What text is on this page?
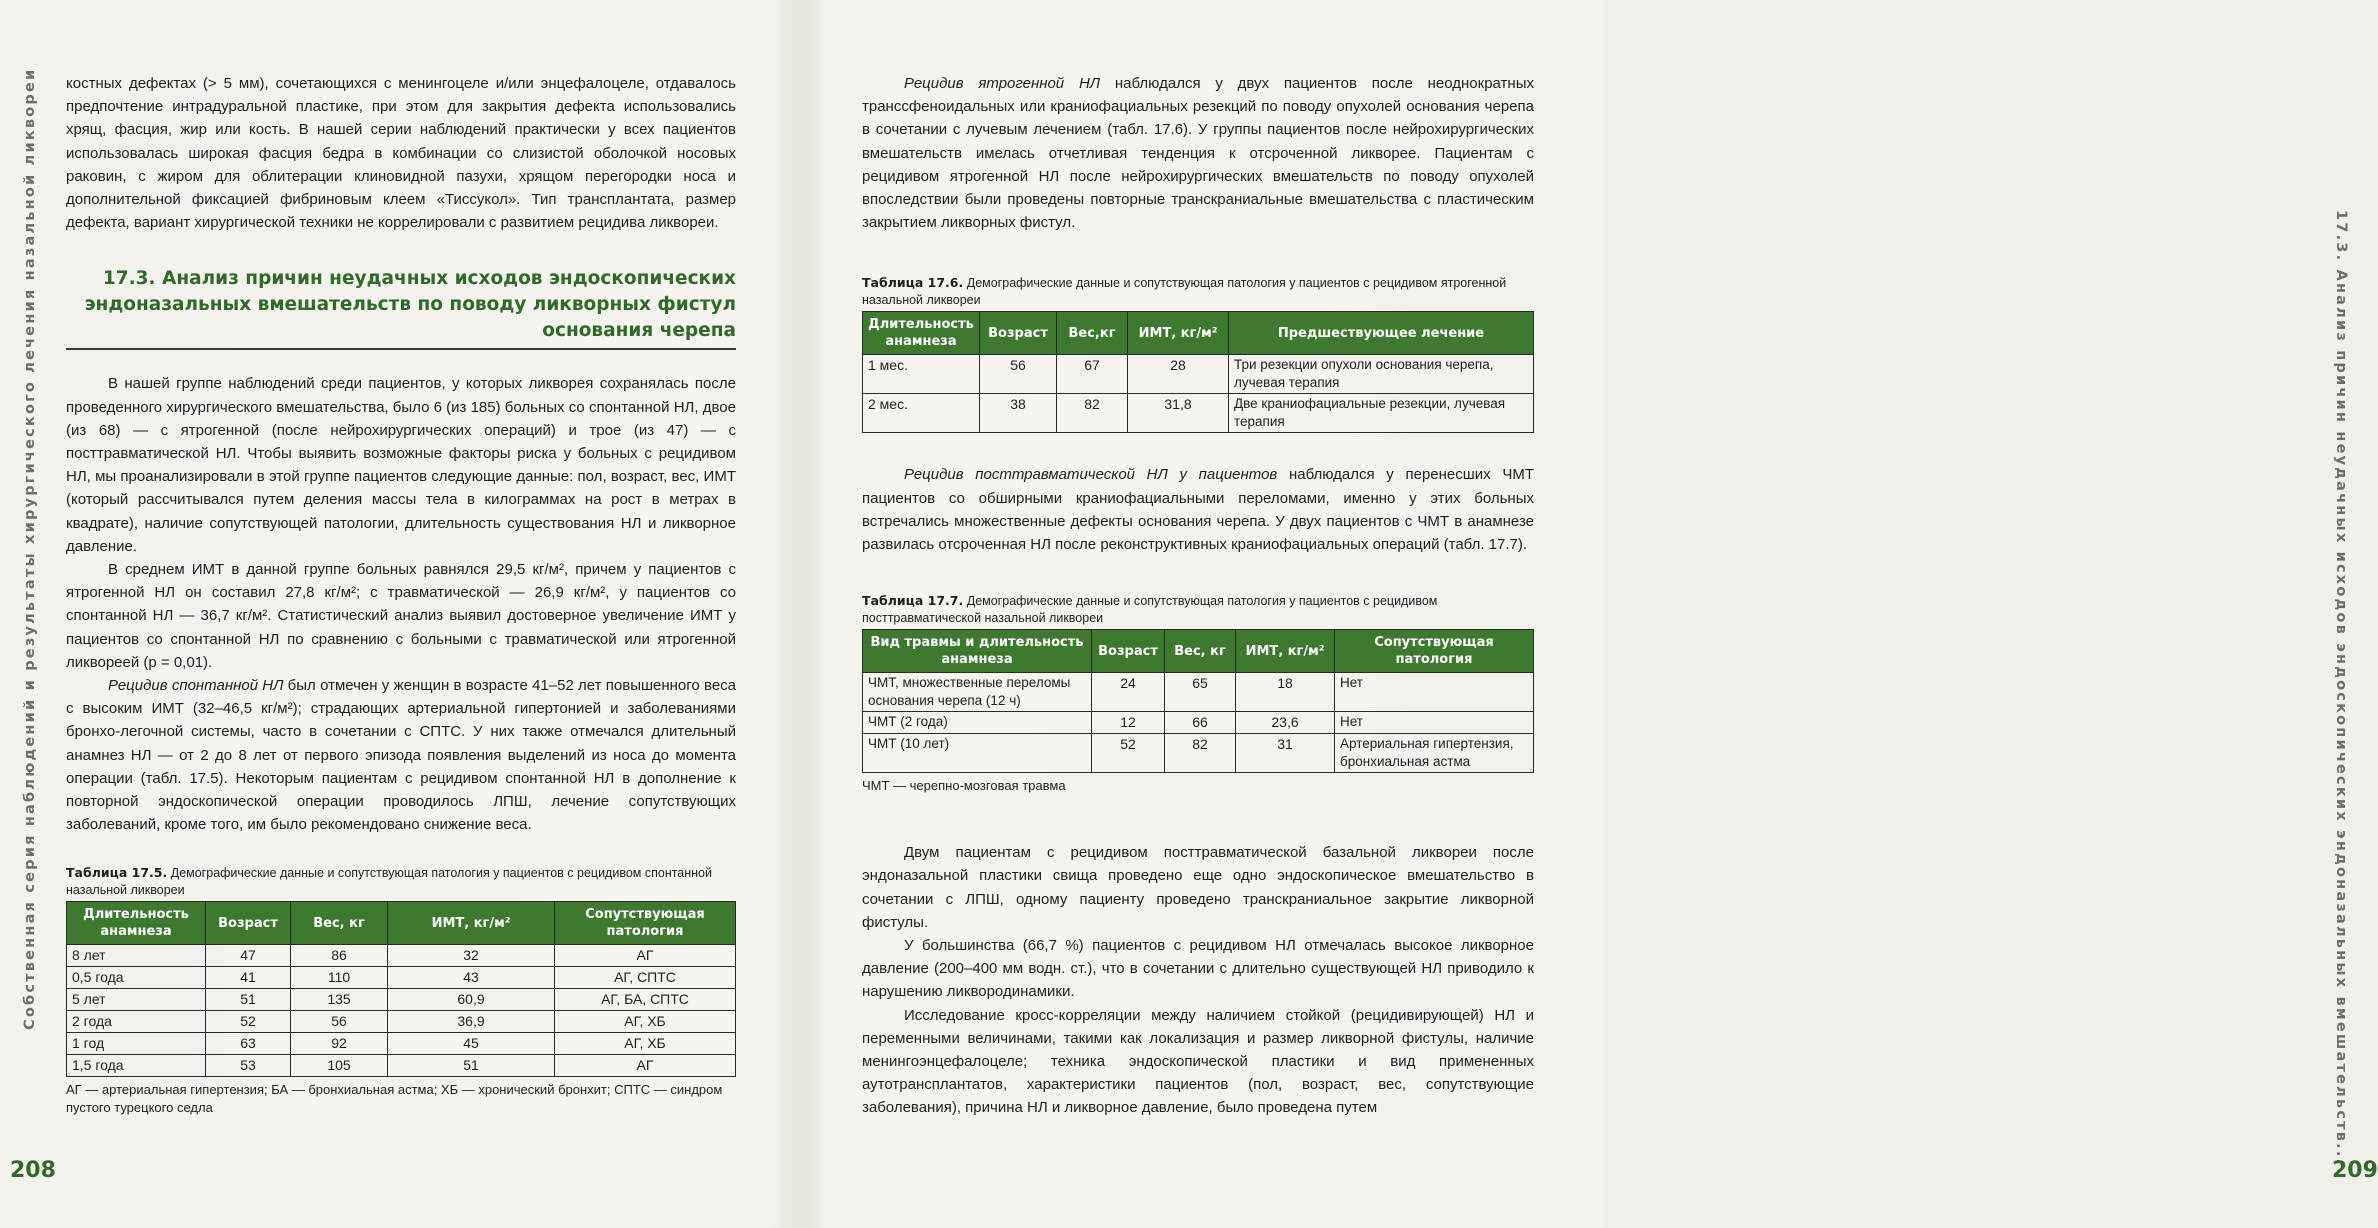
Собственная серия наблюдений и результаты хирургического лечения назальной ликвореи
208

костных дефектах (> 5 мм), сочетающихся с менингоцеле и/или энцефалоцеле, отдавалось предпочтение интрадуральной пластике, при этом для закрытия дефекта использовались хрящ, фасция, жир или кость. В нашей серии наблюдений практически у всех пациентов использовалась широкая фасция бедра в комбинации со слизистой оболочкой носовых раковин, с жиром для облитерации клиновидной пазухи, хрящом перегородки носа и дополнительной фиксацией фибриновым клеем «Тиссукол». Тип трансплантата, размер дефекта, вариант хирургической техники не коррелировали с развитием рецидива ликвореи.

17.3. Анализ причин неудачных исходов эндоскопических
эндоназальных вмешательств по поводу ликворных фистул
основания черепа

В нашей группе наблюдений среди пациентов, у которых ликворея сохранялась после проведенного хирургического вмешательства, было 6 (из 185) больных со спонтанной НЛ, двое (из 68) — с ятрогенной (после нейрохирургических операций) и трое (из 47) — с посттравматической НЛ. Чтобы выявить возможные факторы риска у больных с рецидивом НЛ, мы проанализировали в этой группе пациентов следующие данные: пол, возраст, вес, ИМТ (который рассчитывался путем деления массы тела в килограммах на рост в метрах в квадрате), наличие сопутствующей патологии, длительность существования НЛ и ликворное давление.

В среднем ИМТ в данной группе больных равнялся 29,5 кг/м², причем у пациентов с ятрогенной НЛ он составил 27,8 кг/м²; с травматической — 26,9 кг/м², у пациентов со спонтанной НЛ — 36,7 кг/м². Статистический анализ выявил достоверное увеличение ИМТ у пациентов со спонтанной НЛ по сравнению с больными с травматической или ятрогенной ликвореей (p = 0,01).

Рецидив спонтанной НЛ был отмечен у женщин в возрасте 41–52 лет повышенного веса с высоким ИМТ (32–46,5 кг/м²); страдающих артериальной гипертонией и заболеваниями бронхо-легочной системы, часто в сочетании с СПТС. У них также отмечался длительный анамнез НЛ — от 2 до 8 лет от первого эпизода появления выделений из носа до момента операции (табл. 17.5). Некоторым пациентам с рецидивом спонтанной НЛ в дополнение к повторной эндоскопической операции проводилось ЛПШ, лечение сопутствующих заболеваний, кроме того, им было рекомендовано снижение веса.

Таблица 17.5. Демографические данные и сопутствующая патология у пациентов с рецидивом спонтанной назальной ликвореи
Длительность анамнеза	Возраст	Вес, кг	ИМТ, кг/м²	Сопутствующая патология
8 лет	47	86	32	АГ
0,5 года	41	110	43	АГ, СПТС
5 лет	51	135	60,9	АГ, БА, СПТС
2 года	52	56	36,9	АГ, ХБ
1 год	63	92	45	АГ, ХБ
1,5 года	53	105	51	АГ
АГ — артериальная гипертензия; БА — бронхиальная астма; ХБ — хронический бронхит; СПТС — синдром пустого турецкого седла	17.3. Анализ причин неудачных исходов эндоскопических эндоназальных вмешательств...
209

Рецидив ятрогенной НЛ наблюдался у двух пациентов после неоднократных транссфеноидальных или краниофациальных резекций по поводу опухолей основания черепа в сочетании с лучевым лечением (табл. 17.6). У группы пациентов после нейрохирургических вмешательств имелась отчетливая тенденция к отсроченной ликворее. Пациентам с рецидивом ятрогенной НЛ после нейрохирургических вмешательств по поводу опухолей впоследствии были проведены повторные транскраниальные вмешательства с пластическим закрытием ликворных фистул.

Таблица 17.6. Демографические данные и сопутствующая патология у пациентов с рецидивом ятрогенной назальной ликвореи
Длительность анамнеза	Возраст	Вес,кг	ИМТ, кг/м²	Предшествующее лечение
1 мес.	56	67	28	Три резекции опухоли основания черепа, лучевая терапия
2 мес.	38	82	31,8	Две краниофациальные резекции, лучевая терапия

Рецидив посттравматической НЛ у пациентов наблюдался у перенесших ЧМТ пациентов со обширными краниофациальными переломами, именно у этих больных встречались множественные дефекты основания черепа. У двух пациентов с ЧМТ в анамнезе развилась отсроченная НЛ после реконструктивных краниофациальных операций (табл. 17.7).

Таблица 17.7. Демографические данные и сопутствующая патология у пациентов с рецидивом посттравматической назальной ликвореи
Вид травмы и длительность анамнеза	Возраст	Вес, кг	ИМТ, кг/м²	Сопутствующая патология
ЧМТ, множественные переломы основания черепа (12 ч)	24	65	18	Нет
ЧМТ (2 года)	12	66	23,6	Нет
ЧМТ (10 лет)	52	82	31	Артериальная гипертензия, бронхиальная астма
ЧМТ — черепно-мозговая травма

Двум пациентам с рецидивом посттравматической базальной ликвореи после эндоназальной пластики свища проведено еще одно эндоскопическое вмешательство в сочетании с ЛПШ, одному пациенту проведено транскраниальное закрытие ликворной фистулы.

У большинства (66,7 %) пациентов с рецидивом НЛ отмечалась высокое ликворное давление (200–400 мм водн. ст.), что в сочетании с длительно существующей НЛ приводило к нарушению ликвородинамики.

Исследование кросс-корреляции между наличием стойкой (рецидивирующей) НЛ и переменными величинами, такими как локализация и размер ликворной фистулы, наличие менингоэнцефалоцеле; техника эндоскопической пластики и вид примененных аутотрансплантатов, характеристики пациентов (пол, возраст, вес, сопутствующие заболевания), причина НЛ и ликворное давление, было проведена путем
